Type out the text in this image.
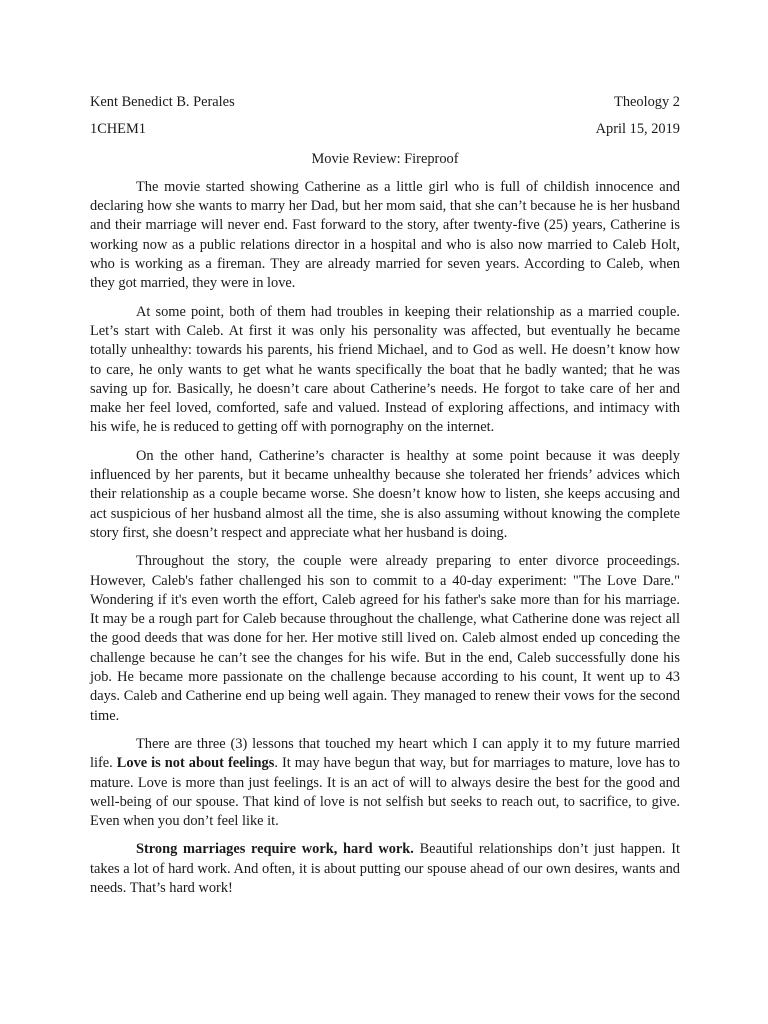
Kent Benedict B. Perales	Theology 2
1CHEM1	April 15, 2019

Movie Review: Fireproof

The movie started showing Catherine as a little girl who is full of childish innocence and declaring how she wants to marry her Dad, but her mom said, that she can’t because he is her husband and their marriage will never end. Fast forward to the story, after twenty-five (25) years, Catherine is working now as a public relations director in a hospital and who is also now married to Caleb Holt, who is working as a fireman. They are already married for seven years. According to Caleb, when they got married, they were in love.

At some point, both of them had troubles in keeping their relationship as a married couple. Let’s start with Caleb. At first it was only his personality was affected, but eventually he became totally unhealthy: towards his parents, his friend Michael, and to God as well. He doesn’t know how to care, he only wants to get what he wants specifically the boat that he badly wanted; that he was saving up for. Basically, he doesn’t care about Catherine’s needs. He forgot to take care of her and make her feel loved, comforted, safe and valued. Instead of exploring affections, and intimacy with his wife, he is reduced to getting off with pornography on the internet.

On the other hand, Catherine’s character is healthy at some point because it was deeply influenced by her parents, but it became unhealthy because she tolerated her friends’ advices which their relationship as a couple became worse. She doesn’t know how to listen, she keeps accusing and act suspicious of her husband almost all the time, she is also assuming without knowing the complete story first, she doesn’t respect and appreciate what her husband is doing.

Throughout the story, the couple were already preparing to enter divorce proceedings. However, Caleb's father challenged his son to commit to a 40-day experiment: "The Love Dare." Wondering if it's even worth the effort, Caleb agreed for his father's sake more than for his marriage. It may be a rough part for Caleb because throughout the challenge, what Catherine done was reject all the good deeds that was done for her. Her motive still lived on. Caleb almost ended up conceding the challenge because he can’t see the changes for his wife. But in the end, Caleb successfully done his job. He became more passionate on the challenge because according to his count, It went up to 43 days. Caleb and Catherine end up being well again. They managed to renew their vows for the second time.

There are three (3) lessons that touched my heart which I can apply it to my future married life. Love is not about feelings. It may have begun that way, but for marriages to mature, love has to mature. Love is more than just feelings. It is an act of will to always desire the best for the good and well-being of our spouse. That kind of love is not selfish but seeks to reach out, to sacrifice, to give. Even when you don’t feel like it.

Strong marriages require work, hard work. Beautiful relationships don’t just happen. It takes a lot of hard work. And often, it is about putting our spouse ahead of our own desires, wants and needs. That’s hard work!
